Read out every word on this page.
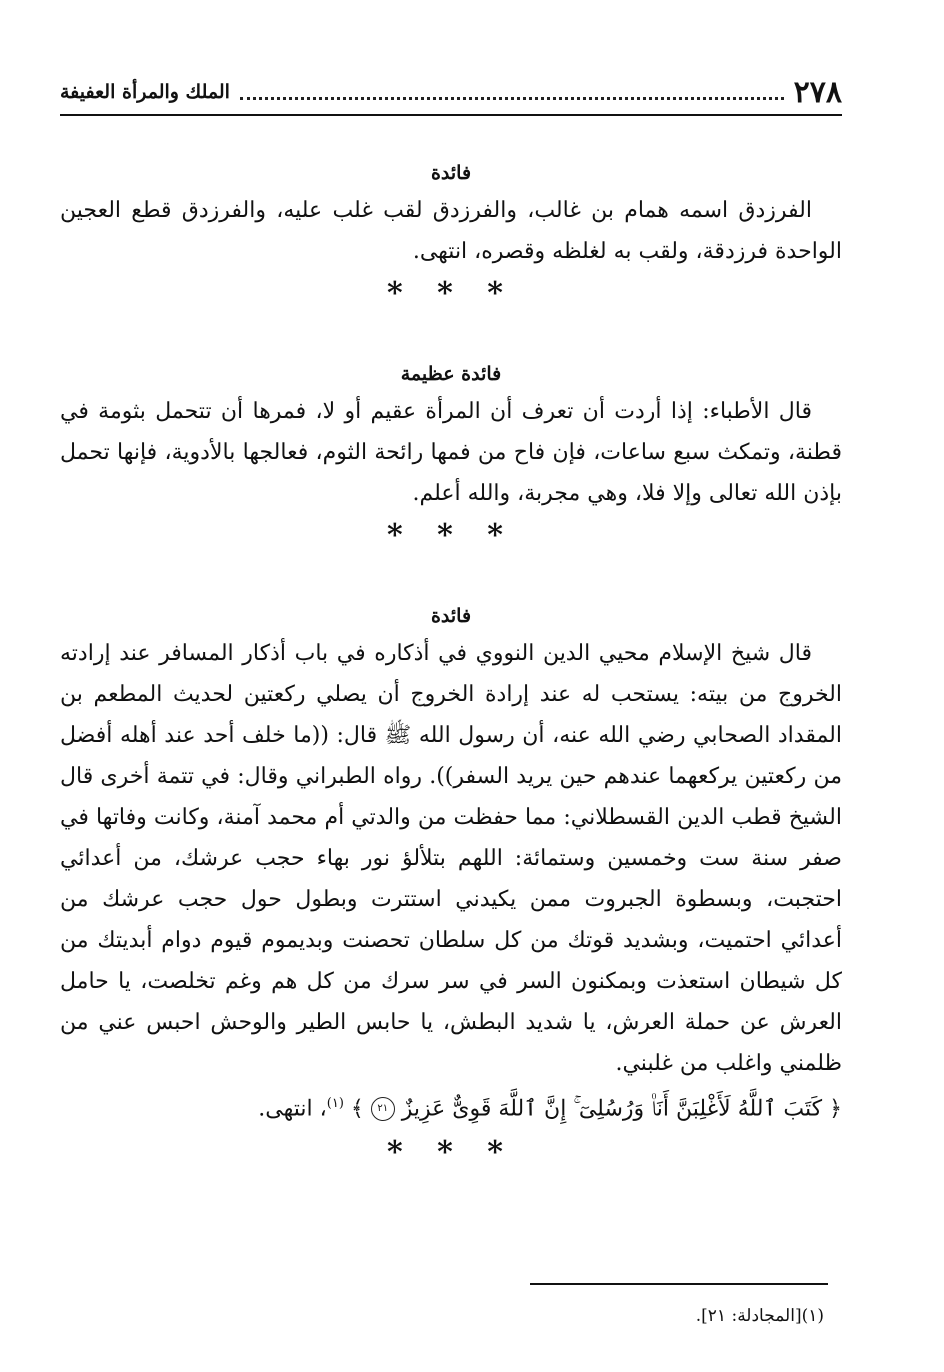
٢٧٨
الملك والمرأة العفيفة

فائدة

الفرزدق اسمه همام بن غالب، والفرزدق لقب غلب عليه، والفرزدق قطع العجين الواحدة فرزدقة، ولقب به لغلظه وقصره، انتهى.

* * *

فائدة عظيمة

قال الأطباء: إذا أردت أن تعرف أن المرأة عقيم أو لا، فمرها أن تتحمل بثومة في قطنة، وتمكث سبع ساعات، فإن فاح من فمها رائحة الثوم، فعالجها بالأدوية، فإنها تحمل بإذن الله تعالى وإلا فلا، وهي مجربة، والله أعلم.

* * *

فائدة

قال شيخ الإسلام محيي الدين النووي في أذكاره في باب أذكار المسافر عند إرادته الخروج من بيته: يستحب له عند إرادة الخروج أن يصلي ركعتين لحديث المطعم بن المقداد الصحابي رضي الله عنه، أن رسول الله ﷺ قال: ((ما خلف أحد عند أهله أفضل من ركعتين يركعهما عندهم حين يريد السفر)). رواه الطبراني وقال: في تتمة أخرى قال الشيخ قطب الدين القسطلاني: مما حفظت من والدتي أم محمد آمنة، وكانت وفاتها في صفر سنة ست وخمسين وستمائة: اللهم بتلألؤ نور بهاء حجب عرشك، من أعدائي احتجبت، وبسطوة الجبروت ممن يكيدني استترت وبطول حول حجب عرشك من أعدائي احتميت، وبشديد قوتك من كل سلطان تحصنت وبديموم قيوم دوام أبديتك من كل شيطان استعذت وبمكنون السر في سر سرك من كل هم وغم تخلصت، يا حامل العرش عن حملة العرش، يا شديد البطش، يا حابس الطير والوحش احبس عني من ظلمني واغلب من غلبني.

﴿ كَتَبَ ٱللَّهُ لَأَغْلِبَنَّ أَنَا۠ وَرُسُلِىٓ ۚ إِنَّ ٱللَّهَ قَوِىٌّ عَزِيزٌ ٢١ ﴾ $^{(١)}$، انتهى.

* * *

(١)[المجادلة: ٢١].
